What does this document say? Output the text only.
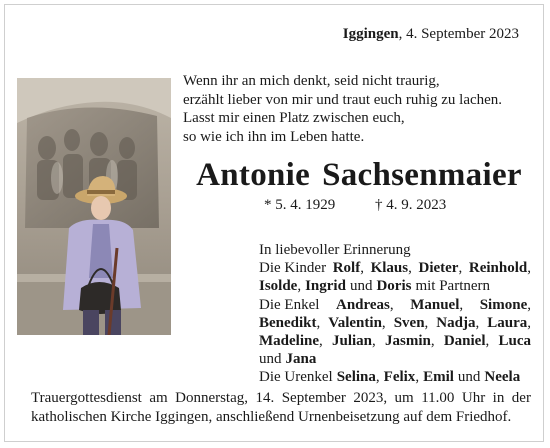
Iggingen, 4. September 2023
Wenn ihr an mich denkt, seid nicht traurig,
erzählt lieber von mir und traut euch ruhig zu lachen.
Lasst mir einen Platz zwischen euch,
so wie ich ihn im Leben hatte.
Antonie Sachsenmaier
* 5. 4. 1929	† 4. 9. 2023
In liebevoller Erinnerung
Die Kinder Rolf, Klaus, Dieter, Reinhold,
Isolde, Ingrid und Doris mit Partnern
Die Enkel Andreas, Manuel, Simone,
Benedikt, Valentin, Sven, Nadja, Laura,
Madeline, Julian, Jasmin, Daniel, Luca
und Jana
Die Urenkel Selina, Felix, Emil und Neela
Trauergottesdienst am Donnerstag, 14. September 2023, um 11.00 Uhr in der
katholischen Kirche Iggingen, anschließend Urnenbeisetzung auf dem Friedhof.
